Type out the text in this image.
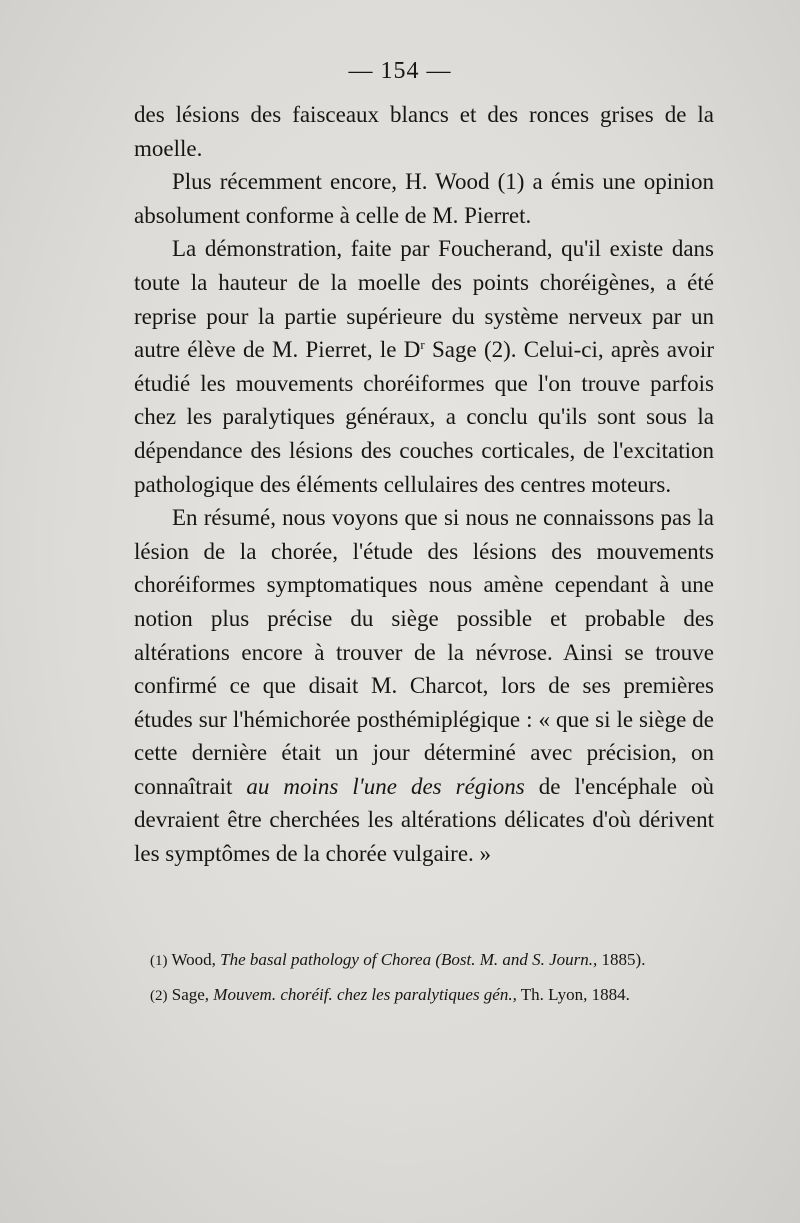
— 154 —

des lésions des faisceaux blancs et des ronces grises de la moelle.

Plus récemment encore, H. Wood (1) a émis une opinion absolument conforme à celle de M. Pierret.

La démonstration, faite par Foucherand, qu'il existe dans toute la hauteur de la moelle des points choréigènes, a été reprise pour la partie supérieure du système nerveux par un autre élève de M. Pierret, le $D^r$ Sage (2). Celui-ci, après avoir étudié les mouvements choréiformes que l'on trouve parfois chez les paralytiques généraux, a conclu qu'ils sont sous la dépendance des lésions des couches corticales, de l'excitation pathologique des éléments cellulaires des centres moteurs.

En résumé, nous voyons que si nous ne connaissons pas la lésion de la chorée, l'étude des lésions des mouvements choréiformes symptomatiques nous amène cependant à une notion plus précise du siège possible et probable des altérations encore à trouver de la névrose. Ainsi se trouve confirmé ce que disait M. Charcot, lors de ses premières études sur l'hémichorée posthémiplégique : « que si le siège de cette dernière était un jour déterminé avec précision, on connaîtrait au moins l'une des régions de l'encéphale où devraient être cherchées les altérations délicates d'où dérivent les symptômes de la chorée vulgaire. »

(1) Wood, The basal pathology of Chorea (Bost. M. and S. Journ., 1885).

(2) Sage, Mouvem. choréif. chez les paralytiques gén., Th. Lyon, 1884.
